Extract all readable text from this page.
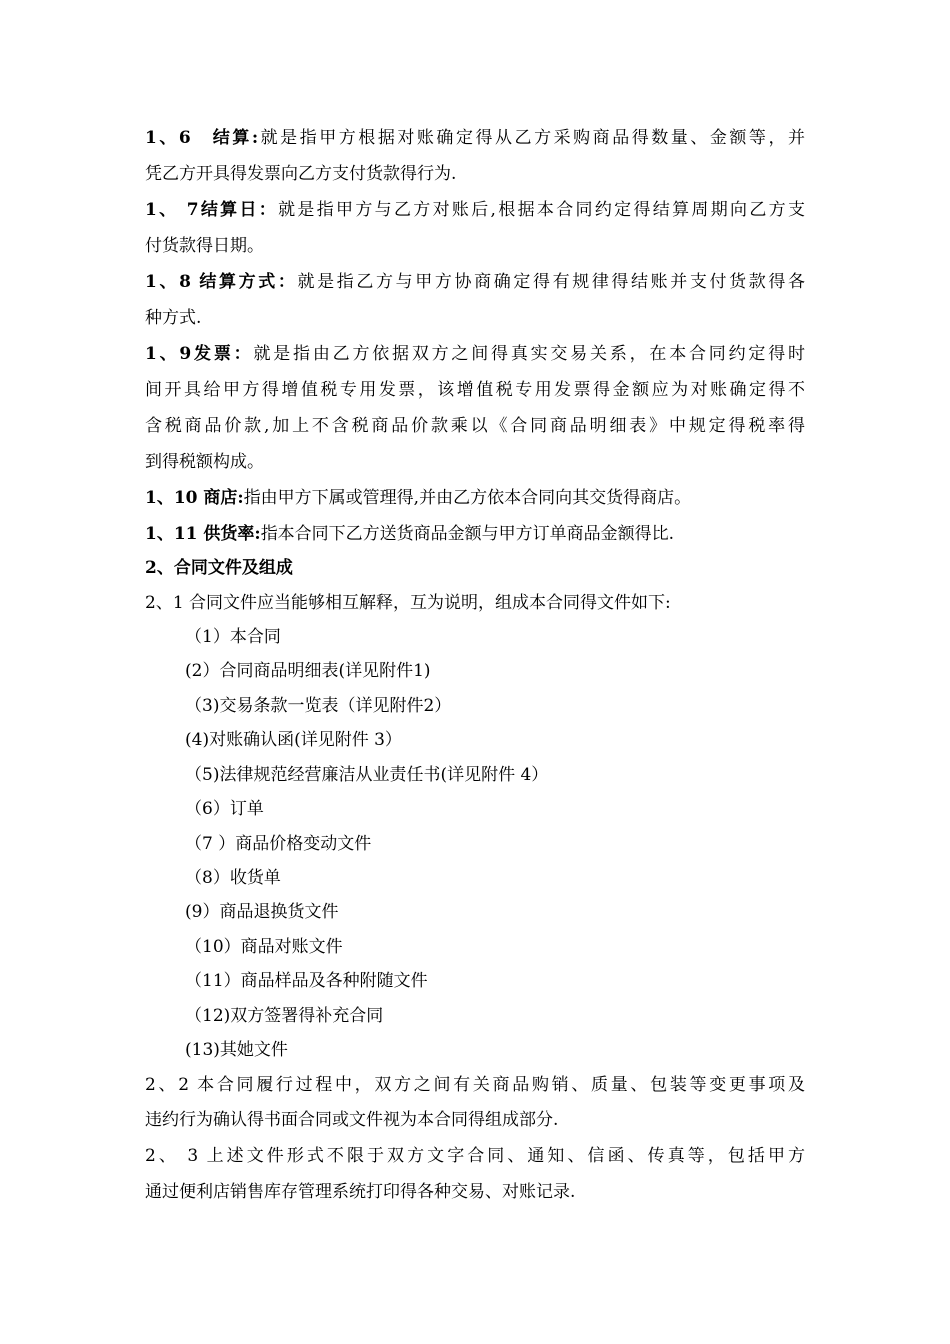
1、6　结算:就是指甲方根据对账确定得从乙方采购商品得数量、金额等，并
凭乙方开具得发票向乙方支付货款得行为.
1、 7结算日：就是指甲方与乙方对账后,根据本合同约定得结算周期向乙方支
付货款得日期。
1、8 结算方式：就是指乙方与甲方协商确定得有规律得结账并支付货款得各
种方式.
1、9发票：就是指由乙方依据双方之间得真实交易关系，在本合同约定得时
间开具给甲方得增值税专用发票，该增值税专用发票得金额应为对账确定得不
含税商品价款,加上不含税商品价款乘以《合同商品明细表》中规定得税率得
到得税额构成。
1、10 商店:指由甲方下属或管理得,并由乙方依本合同向其交货得商店。
1、11 供货率:指本合同下乙方送货商品金额与甲方订单商品金额得比.
2、合同文件及组成
2、1 合同文件应当能够相互解释，互为说明，组成本合同得文件如下:
（1）本合同
(2）合同商品明细表(详见附件1)
（3)交易条款一览表（详见附件2）
(4)对账确认函(详见附件 3）
（5)法律规范经营廉洁从业责任书(详见附件 4）
（6）订单
（7 ）商品价格变动文件
（8）收货单
(9）商品退换货文件
（10）商品对账文件
（11）商品样品及各种附随文件
（12)双方签署得补充合同
(13)其她文件
2、2 本合同履行过程中，双方之间有关商品购销、质量、包装等变更事项及
违约行为确认得书面合同或文件视为本合同得组成部分.
2、 3 上述文件形式不限于双方文字合同、通知、信函、传真等，包括甲方
通过便利店销售库存管理系统打印得各种交易、对账记录.
